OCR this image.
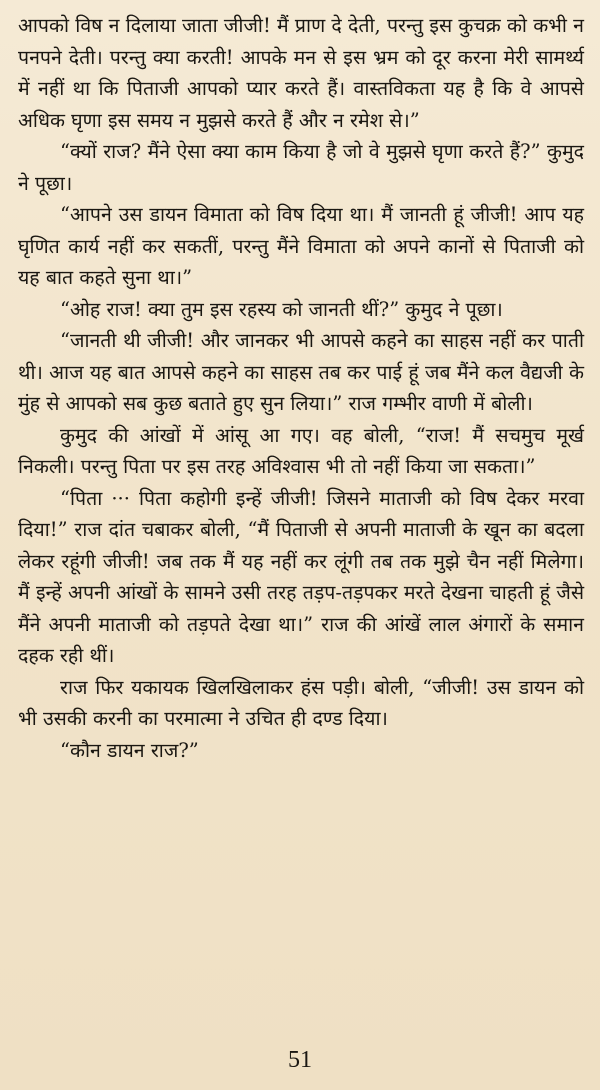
आपको विष न दिलाया जाता जीजी! मैं प्राण दे देती, परन्तु इस कुचक्र को कभी न पनपने देती। परन्तु क्या करती! आपके मन से इस भ्रम को दूर करना मेरी सामर्थ्य में नहीं था कि पिताजी आपको प्यार करते हैं। वास्तविकता यह है कि वे आपसे अधिक घृणा इस समय न मुझसे करते हैं और न रमेश से।”

“क्यों राज? मैंने ऐसा क्या काम किया है जो वे मुझसे घृणा करते हैं?” कुमुद ने पूछा।

“आपने उस डायन विमाता को विष दिया था। मैं जानती हूं जीजी! आप यह घृणित कार्य नहीं कर सकतीं, परन्तु मैंने विमाता को अपने कानों से पिताजी को यह बात कहते सुना था।”

“ओह राज! क्या तुम इस रहस्य को जानती थीं?” कुमुद ने पूछा।

“जानती थी जीजी! और जानकर भी आपसे कहने का साहस नहीं कर पाती थी। आज यह बात आपसे कहने का साहस तब कर पाई हूं जब मैंने कल वैद्यजी के मुंह से आपको सब कुछ बताते हुए सुन लिया।” राज गम्भीर वाणी में बोली।

कुमुद की आंखों में आंसू आ गए। वह बोली, “राज! मैं सचमुच मूर्ख निकली। परन्तु पिता पर इस तरह अविश्वास भी तो नहीं किया जा सकता।”

“पिता ··· पिता कहोगी इन्हें जीजी! जिसने माताजी को विष देकर मरवा दिया!” राज दांत चबाकर बोली, “मैं पिताजी से अपनी माताजी के खून का बदला लेकर रहूंगी जीजी! जब तक मैं यह नहीं कर लूंगी तब तक मुझे चैन नहीं मिलेगा। मैं इन्हें अपनी आंखों के सामने उसी तरह तड़प-तड़पकर मरते देखना चाहती हूं जैसे मैंने अपनी माताजी को तड़पते देखा था।” राज की आंखें लाल अंगारों के समान दहक रही थीं।

राज फिर यकायक खिलखिलाकर हंस पड़ी। बोली, “जीजी! उस डायन को भी उसकी करनी का परमात्मा ने उचित ही दण्ड दिया।

“कौन डायन राज?”

51
